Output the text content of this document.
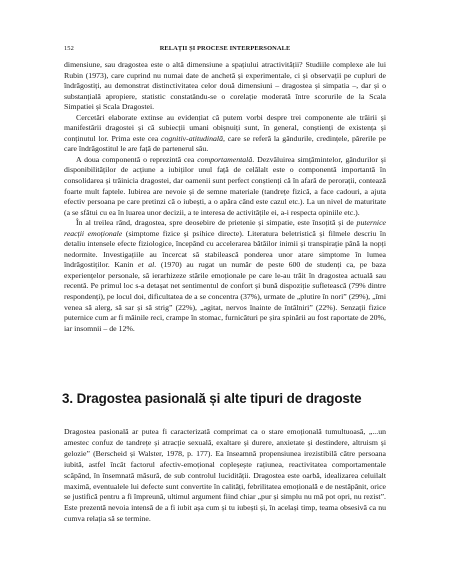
152	RELAȚII ȘI PROCESE INTERPERSONALE

dimensiune, sau dragostea este o altă dimensiune a spațiului atractivității? Studiile complexe ale lui Rubin (1973), care cuprind nu numai date de anchetă și experimentale, ci și observații pe cupluri de îndrăgostiți, au demonstrat distinctivitatea celor două dimensiuni – dragostea și simpatia –, dar și o substanțială apropiere, statistic constatându-se o corelație moderată între scorurile de la Scala Simpatiei și Scala Dragostei.

Cercetări elaborate extinse au evidențiat că putem vorbi despre trei componente ale trăirii și manifestării dragostei și că subiecții umani obișnuiți sunt, în general, conștienți de existența și conținutul lor. Prima este cea cognitiv-atitudinală, care se referă la gândurile, credințele, părerile pe care îndrăgostitul le are față de partenerul său.

A doua componentă o reprezintă cea comportamentală. Dezvăluirea simțămintelor, gândurilor și disponibilităților de acțiune a iubiților unul față de celălalt este o componentă importantă în consolidarea și trăinicia dragostei, dar oamenii sunt perfect conștienți că în afară de perorații, contează foarte mult faptele. Iubirea are nevoie și de semne materiale (tandrețe fizică, a face cadouri, a ajuta efectiv persoana pe care pretinzi că o iubești, a o apăra când este cazul etc.). La un nivel de maturitate (a se sfătui cu ea în luarea unor decizii, a te interesa de activitățile ei, a-i respecta opiniile etc.).

În al treilea rând, dragostea, spre deosebire de prietenie și simpatie, este însoțită și de puternice reacții emoționale (simptome fizice și psihice directe). Literatura beletristică și filmele descriu în detaliu intensele efecte fiziologice, începând cu accelerarea bătăilor inimii și transpirație până la nopți nedormite. Investigațiile au încercat să stabilească ponderea unor atare simptome în lumea îndrăgostiților. Kanin et al. (1970) au rugat un număr de peste 600 de studenți ca, pe baza experiențelor personale, să ierarhizeze stările emoționale pe care le-au trăit în dragostea actuală sau recentă. Pe primul loc s-a detașat net sentimentul de confort și bună dispoziție sufletească (79% dintre respondenți), pe locul doi, dificultatea de a se concentra (37%), urmate de „plutire în nori” (29%), „îmi venea să alerg, să sar și să strig” (22%), „agitat, nervos înainte de întâlniri” (22%). Senzații fizice puternice cum ar fi mâinile reci, crampe în stomac, furnicături pe șira spinării au fost raportate de 20%, iar insomnii – de 12%.

3. Dragostea pasională și alte tipuri de dragoste

Dragostea pasională ar putea fi caracterizată comprimat ca o stare emoțională tumultuoasă, „...un amestec confuz de tandrețe și atracție sexuală, exaltare și durere, anxietate și destindere, altruism și gelozie” (Berscheid și Walster, 1978, p. 177). Ea înseamnă propensiunea irezistibilă către persoana iubită, astfel încât factorul afectiv-emoțional copleșește rațiunea, reactivitatea comportamentale scăpând, în însemnată măsură, de sub controlul lucidității. Dragostea este oarbă, idealizarea celuilalt maximă, eventualele lui defecte sunt convertite în calități, febrilitatea emoțională e de nestăpânit, orice se justifică pentru a fi împreună, ultimul argument fiind chiar „pur și simplu nu mă pot opri, nu rezist”. Este prezentă nevoia intensă de a fi iubit așa cum și tu iubești și, în același timp, teama obsesivă ca nu cumva relația să se termine.
